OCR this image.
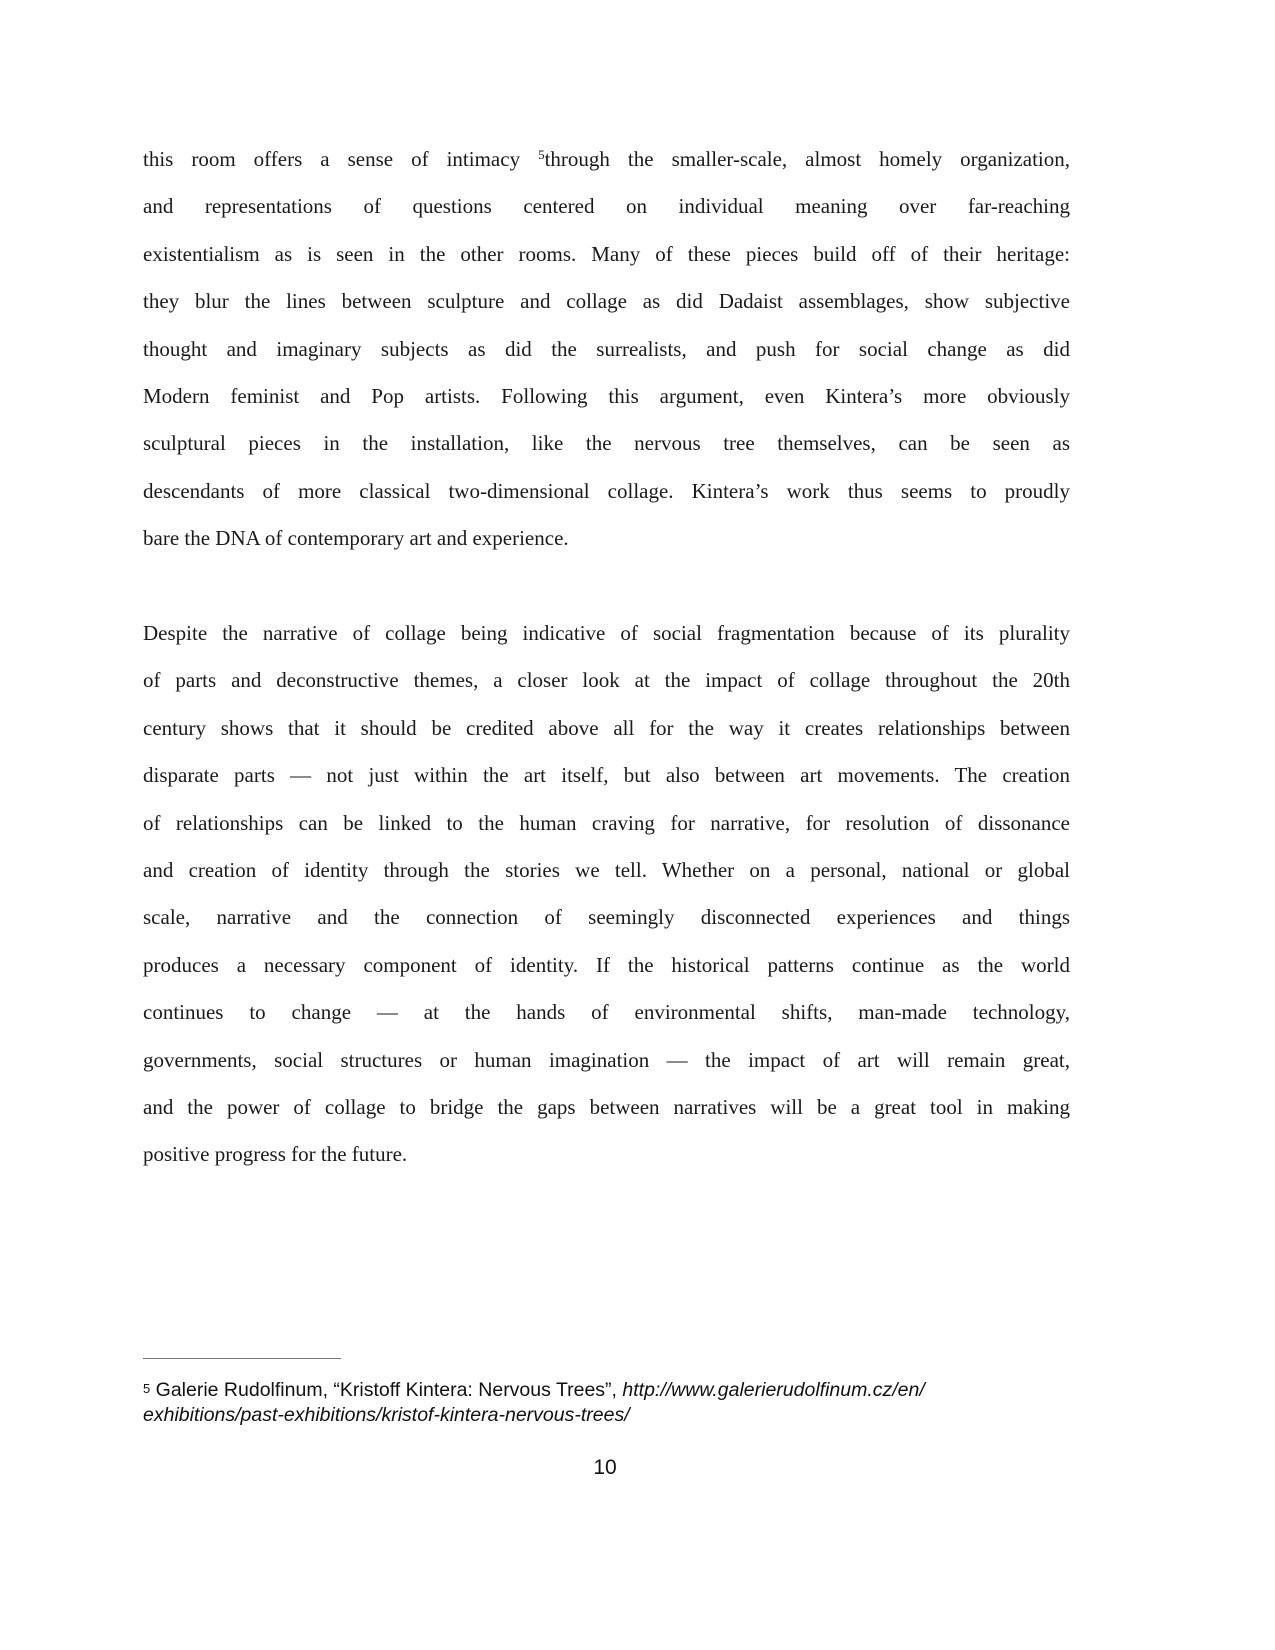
this room offers a sense of intimacy $^5$through the smaller-scale, almost homely organization,
and representations of questions centered on individual meaning over far-reaching
existentialism as is seen in the other rooms. Many of these pieces build off of their heritage:
they blur the lines between sculpture and collage as did Dadaist assemblages, show subjective
thought and imaginary subjects as did the surrealists, and push for social change as did
Modern feminist and Pop artists. Following this argument, even Kintera’s more obviously
sculptural pieces in the installation, like the nervous tree themselves, can be seen as
descendants of more classical two-dimensional collage. Kintera’s work thus seems to proudly
bare the DNA of contemporary art and experience.
Despite the narrative of collage being indicative of social fragmentation because of its plurality
of parts and deconstructive themes, a closer look at the impact of collage throughout the 20th
century shows that it should be credited above all for the way it creates relationships between
disparate parts — not just within the art itself, but also between art movements. The creation
of relationships can be linked to the human craving for narrative, for resolution of dissonance
and creation of identity through the stories we tell. Whether on a personal, national or global
scale, narrative and the connection of seemingly disconnected experiences and things
produces a necessary component of identity. If the historical patterns continue as the world
continues to change — at the hands of environmental shifts, man-made technology,
governments, social structures or human imagination — the impact of art will remain great,
and the power of collage to bridge the gaps between narratives will be a great tool in making
positive progress for the future.
5 Galerie Rudolfinum, “Kristoff Kintera: Nervous Trees”, http://www.galerierudolfinum.cz/en/
exhibitions/past-exhibitions/kristof-kintera-nervous-trees/
10
